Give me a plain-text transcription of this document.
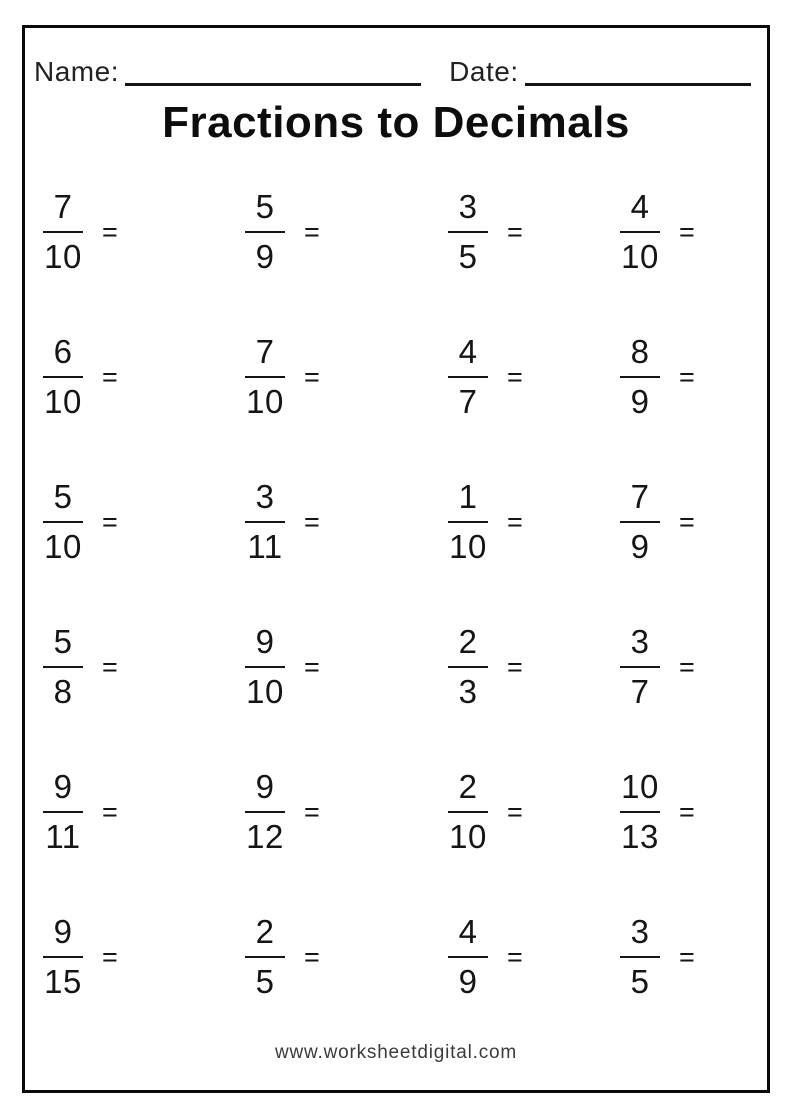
Name:	Date:
Fractions to Decimals
$\frac{7}{10}$ =	$\frac{5}{9}$ =	$\frac{3}{5}$ =	$\frac{4}{10}$ =
$\frac{6}{10}$ =	$\frac{7}{10}$ =	$\frac{4}{7}$ =	$\frac{8}{9}$ =
$\frac{5}{10}$ =	$\frac{3}{11}$ =	$\frac{1}{10}$ =	$\frac{7}{9}$ =
$\frac{5}{8}$ =	$\frac{9}{10}$ =	$\frac{2}{3}$ =	$\frac{3}{7}$ =
$\frac{9}{11}$ =	$\frac{9}{12}$ =	$\frac{2}{10}$ =	$\frac{10}{13}$ =
$\frac{9}{15}$ =	$\frac{2}{5}$ =	$\frac{4}{9}$ =	$\frac{3}{5}$ =
www.worksheetdigital.com
